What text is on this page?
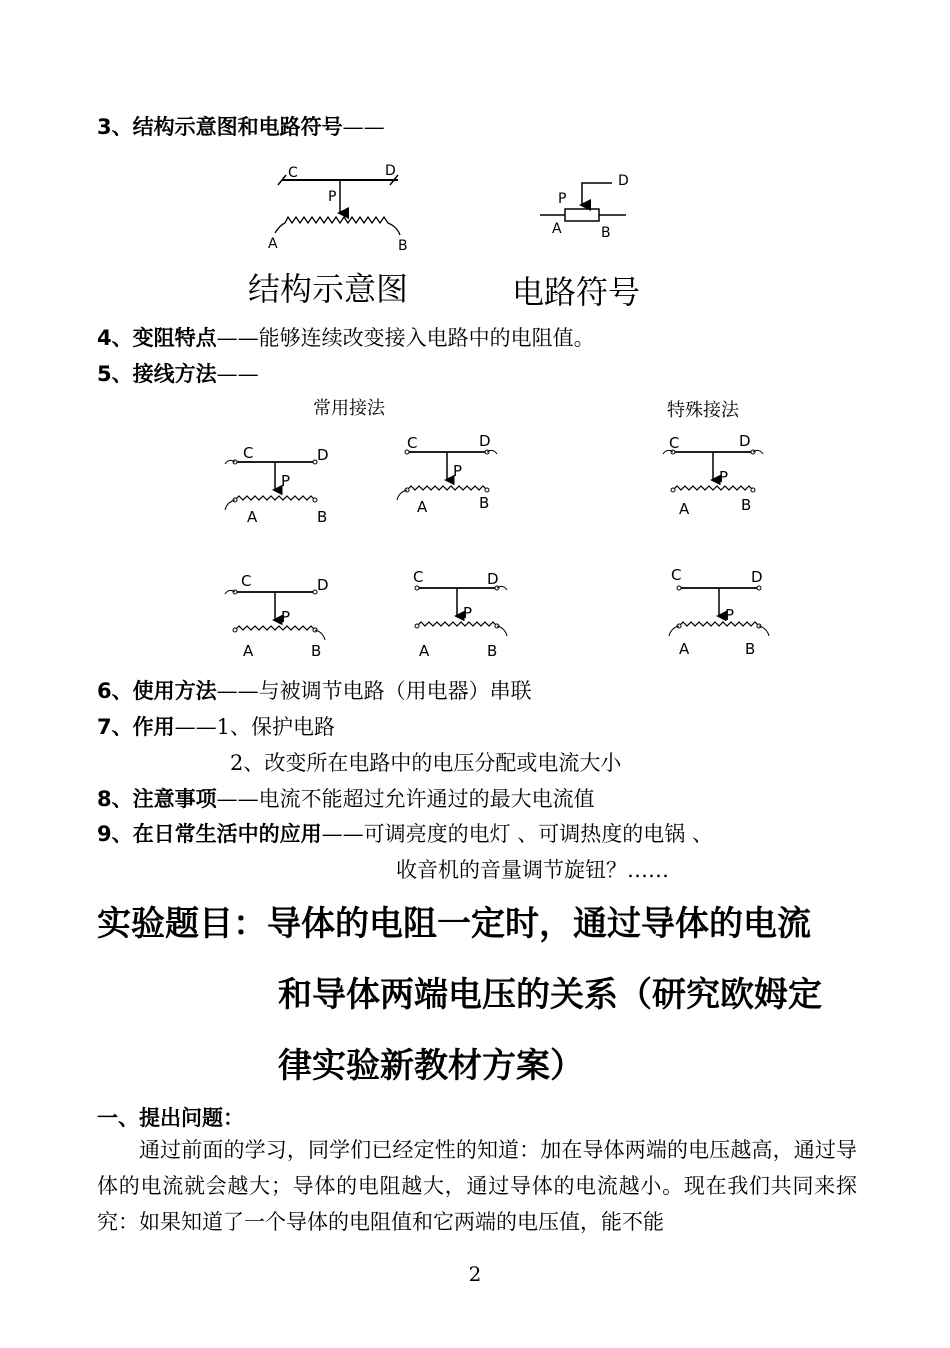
3、结构示意图和电路符号——
C	D
P
A	B
结构示意图
D
P
A	B
电路符号
4、变阻特点——能够连续改变接入电路中的电阻值。
5、接线方法——
常用接法	特殊接法
C	D
P
A	B
C	D
P
A	B
C	D
P
A	B
C	D
P
A	B
C	D
P
A	B
C	D
P
A	B
6、使用方法——与被调节电路（用电器）串联
7、作用——1、保护电路
2、改变所在电路中的电压分配或电流大小
8、注意事项——电流不能超过允许通过的最大电流值
9、在日常生活中的应用——可调亮度的电灯 、可调热度的电锅 、
收音机的音量调节旋钮？……
实验题目：导体的电阻一定时，通过导体的电流
和导体两端电压的关系（研究欧姆定
律实验新教材方案）
一、提出问题：

通过前面的学习，同学们已经定性的知道：加在导体两端的电压越高，通过导体的电流就会越大；导体的电阻越大，通过导体的电流越小。现在我们共同来探究：如果知道了一个导体的电阻值和它两端的电压值，能不能

2
